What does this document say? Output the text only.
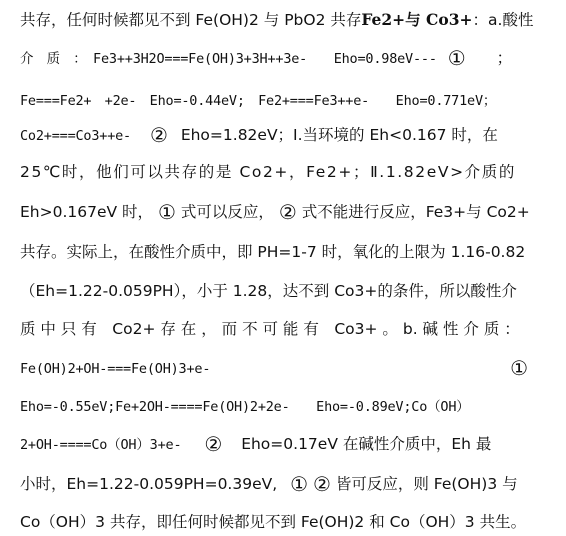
共存，任何时候都见不到 Fe(OH)2 与 PbO2 共存Fe2+与 Co3+：a.酸性
介　质　：　Fe3++3H2O===Fe(OH)3+3H++3e-　　Eho=0.98eV--- ① ；
Fe===Fe2+　+2e-　Eho=-0.44eV;　Fe2+===Fe3++e-　　Eho=0.771eV；
Co2+===Co3++e- ② Eho=1.82eV；Ⅰ.当环境的 Eh<0.167 时，在
25℃时，他们可以共存的是 Co2+，Fe2+；Ⅱ.1.82eV>介质的
Eh>0.167eV 时， ① 式可以反应， ② 式不能进行反应，Fe3+与 Co2+
共存。实际上，在酸性介质中，即 PH=1-7 时，氧化的上限为 1.16-0.82
（Eh=1.22-0.059PH），小于 1.28，达不到 Co3+的条件，所以酸性介
质 中 只 有　Co2+ 存 在 ， 而 不 可 能 有　Co3+ 。 b. 碱 性 介 质 ：
Fe(OH)2+OH-===Fe(OH)3+e-	①
Eho=-0.55eV;Fe+2OH-====Fe(OH)2+2e-　　Eho=-0.89eV;Co（OH）
2+OH-====Co（OH）3+e- ② Eho=0.17eV 在碱性介质中，Eh 最
小时，Eh=1.22-0.059PH=0.39eV, ① ② 皆可反应，则 Fe(OH)3 与
Co（OH）3 共存，即任何时候都见不到 Fe(OH)2 和 Co（OH）3 共生。
